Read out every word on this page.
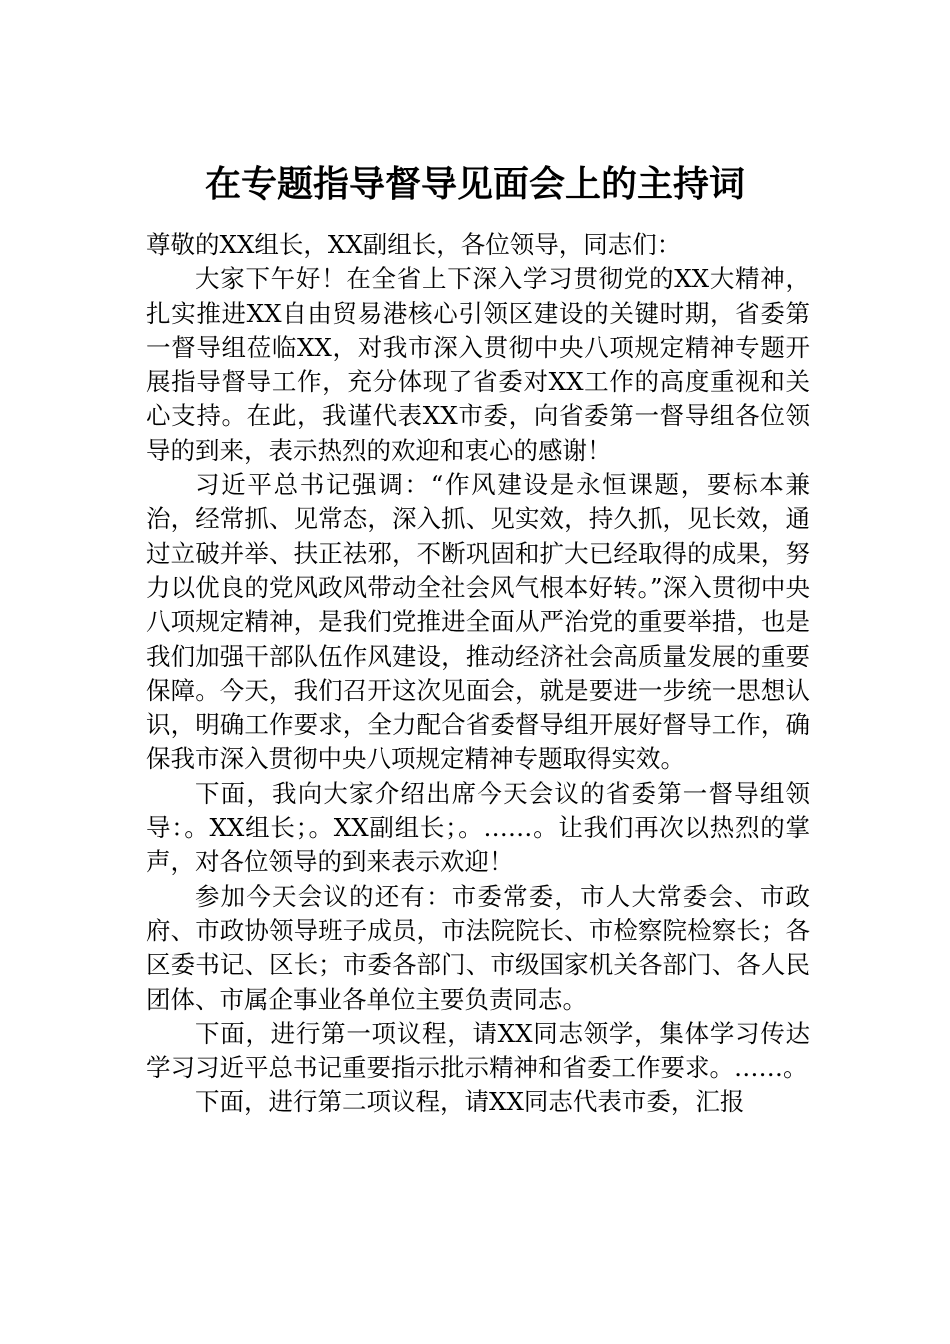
在专题指导督导见面会上的主持词

尊敬的XX组长，XX副组长，各位领导，同志们：

大家下午好！在全省上下深入学习贯彻党的XX大精神，扎实推进XX自由贸易港核心引领区建设的关键时期，省委第一督导组莅临XX，对我市深入贯彻中央八项规定精神专题开展指导督导工作，充分体现了省委对XX工作的高度重视和关心支持。在此，我谨代表XX市委，向省委第一督导组各位领导的到来，表示热烈的欢迎和衷心的感谢！

习近平总书记强调：“作风建设是永恒课题，要标本兼治，经常抓、见常态，深入抓、见实效，持久抓，见长效，通过立破并举、扶正祛邪，不断巩固和扩大已经取得的成果，努力以优良的党风政风带动全社会风气根本好转。”深入贯彻中央八项规定精神，是我们党推进全面从严治党的重要举措，也是我们加强干部队伍作风建设，推动经济社会高质量发展的重要保障。今天，我们召开这次见面会，就是要进一步统一思想认识，明确工作要求，全力配合省委督导组开展好督导工作，确保我市深入贯彻中央八项规定精神专题取得实效。

下面，我向大家介绍出席今天会议的省委第一督导组领导：。XX组长；。XX副组长；。……。让我们再次以热烈的掌声，对各位领导的到来表示欢迎！

参加今天会议的还有：市委常委，市人大常委会、市政府、市政协领导班子成员，市法院院长、市检察院检察长；各区委书记、区长；市委各部门、市级国家机关各部门、各人民团体、市属企事业各单位主要负责同志。

下面，进行第一项议程，请XX同志领学，集体学习传达学习习近平总书记重要指示批示精神和省委工作要求。……。

下面，进行第二项议程，请XX同志代表市委，汇报
